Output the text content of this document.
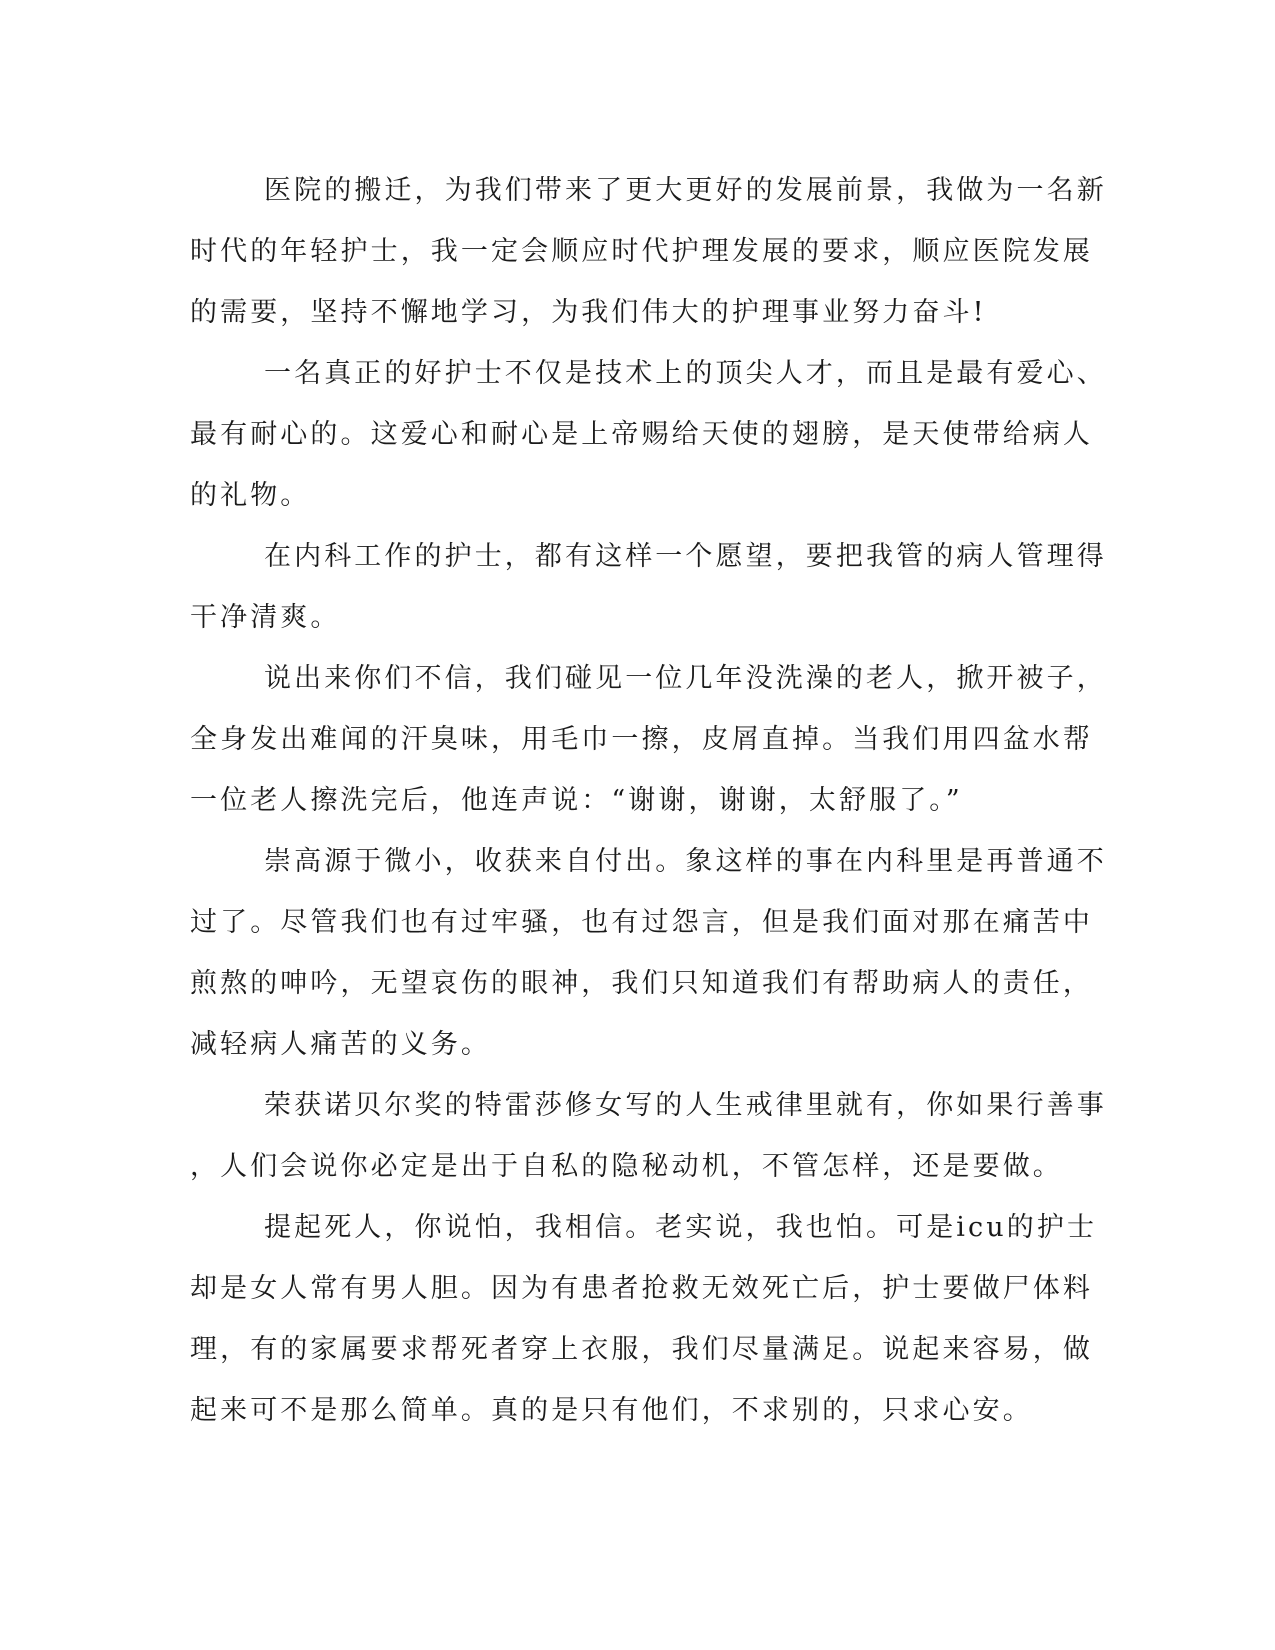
医院的搬迁，为我们带来了更大更好的发展前景，我做为一名新
时代的年轻护士，我一定会顺应时代护理发展的要求，顺应医院发展
的需要，坚持不懈地学习，为我们伟大的护理事业努力奋斗!

一名真正的好护士不仅是技术上的顶尖人才，而且是最有爱心、
最有耐心的。这爱心和耐心是上帝赐给天使的翅膀，是天使带给病人
的礼物。

在内科工作的护士，都有这样一个愿望，要把我管的病人管理得
干净清爽。

说出来你们不信，我们碰见一位几年没洗澡的老人，掀开被子，
全身发出难闻的汗臭味，用毛巾一擦，皮屑直掉。当我们用四盆水帮
一位老人擦洗完后，他连声说：“谢谢，谢谢，太舒服了。”

崇高源于微小，收获来自付出。象这样的事在内科里是再普通不
过了。尽管我们也有过牢骚，也有过怨言，但是我们面对那在痛苦中
煎熬的呻吟，无望哀伤的眼神，我们只知道我们有帮助病人的责任，
减轻病人痛苦的义务。

荣获诺贝尔奖的特雷莎修女写的人生戒律里就有，你如果行善事
，人们会说你必定是出于自私的隐秘动机，不管怎样，还是要做。

提起死人，你说怕，我相信。老实说，我也怕。可是icu的护士
却是女人常有男人胆。因为有患者抢救无效死亡后，护士要做尸体料
理，有的家属要求帮死者穿上衣服，我们尽量满足。说起来容易，做
起来可不是那么简单。真的是只有他们，不求别的，只求心安。
